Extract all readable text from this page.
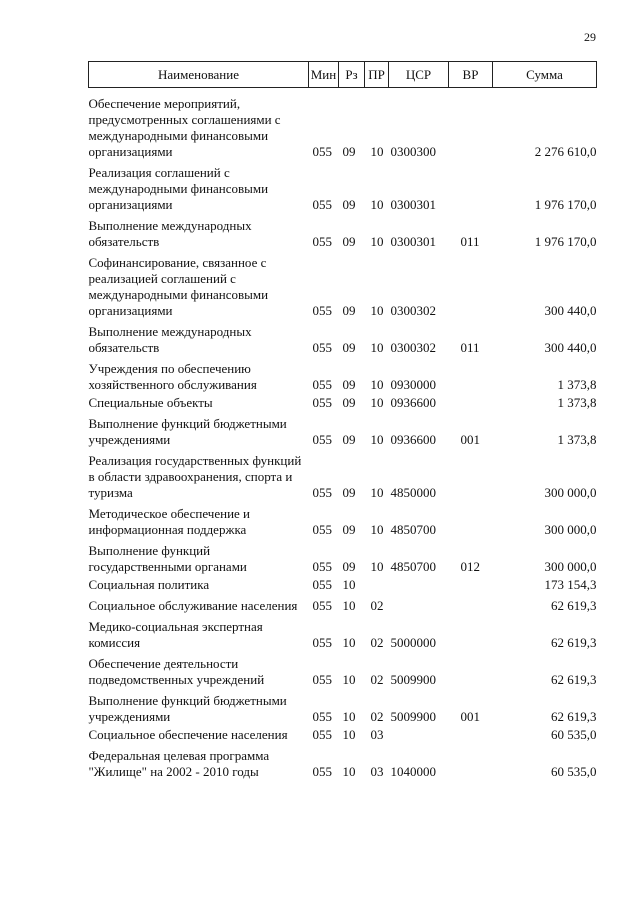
29
Наименование	Мин	Рз	ПР	ЦСР	ВР	Сумма
Обеспечение мероприятий, предусмотренных соглашениями с международными финансовыми организациями	055	09	10	0300300		2 276 610,0
Реализация соглашений с международными финансовыми организациями	055	09	10	0300301		1 976 170,0
Выполнение международных обязательств	055	09	10	0300301	011	1 976 170,0
Софинансирование, связанное с реализацией соглашений с международными финансовыми организациями	055	09	10	0300302		300 440,0
Выполнение международных обязательств	055	09	10	0300302	011	300 440,0
Учреждения по обеспечению хозяйственного обслуживания	055	09	10	0930000		1 373,8
Специальные объекты	055	09	10	0936600		1 373,8
Выполнение функций бюджетными учреждениями	055	09	10	0936600	001	1 373,8
Реализация государственных функций в области здравоохранения, спорта и туризма	055	09	10	4850000		300 000,0
Методическое обеспечение и информационная поддержка	055	09	10	4850700		300 000,0
Выполнение функций государственными органами	055	09	10	4850700	012	300 000,0
Социальная политика	055	10				173 154,3
Социальное обслуживание населения	055	10	02			62 619,3
Медико-социальная экспертная комиссия	055	10	02	5000000		62 619,3
Обеспечение деятельности подведомственных учреждений	055	10	02	5009900		62 619,3
Выполнение функций бюджетными учреждениями	055	10	02	5009900	001	62 619,3
Социальное обеспечение населения	055	10	03			60 535,0
Федеральная целевая программа "Жилище" на 2002 - 2010 годы	055	10	03	1040000		60 535,0
